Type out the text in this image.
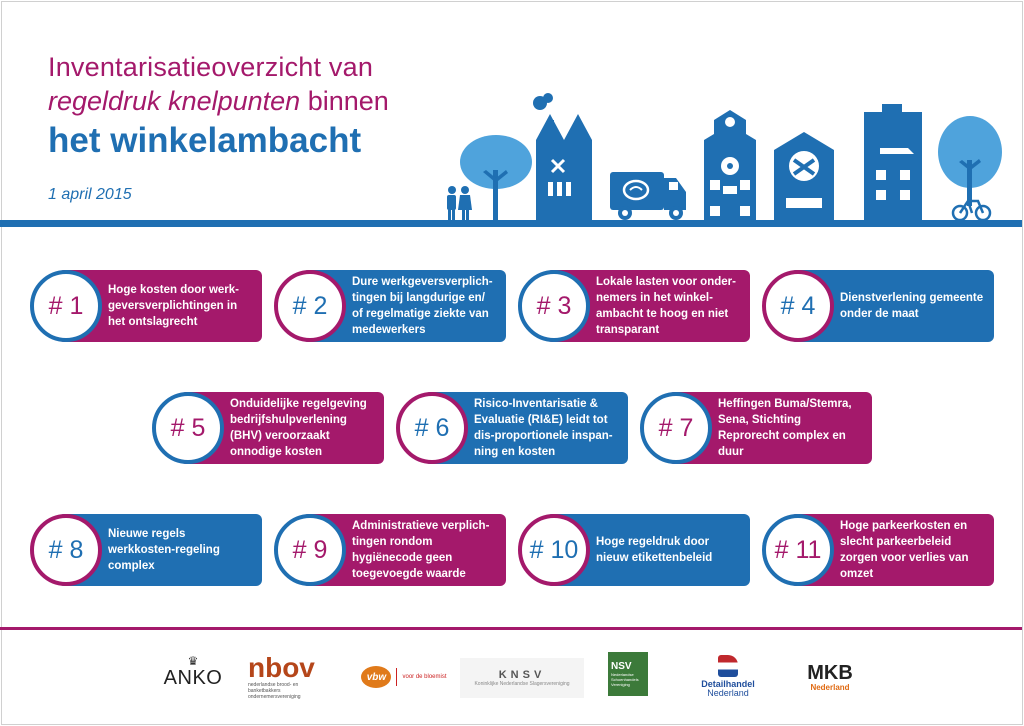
Inventarisatieoverzicht van
regeldruk knelpunten binnen
het winkelambacht
1 april 2015
# 1
Hoge kosten door werk-geversverplichtingen in het ontslagrecht
# 2
Dure werkgeversverplich-tingen bij langdurige en/ of regelmatige ziekte van medewerkers
# 3
Lokale lasten voor onder-nemers in het winkel-ambacht te hoog en niet transparant
# 4 Dienstverlening gemeente onder de maat
# 5
Onduidelijke regelgeving bedrijfshulpverlening (BHV) veroorzaakt onnodige kosten
# 6
Risico-Inventarisatie & Evaluatie (RI&E) leidt tot dis-proportionele inspan-ning en kosten
# 7
Heffingen Buma/Stemra, Sena, Stichting Reprorecht complex en duur
# 8
Nieuwe regels werkkosten-regeling complex
# 9
Administratieve verplich-tingen rondom hygiënecode geen toegevoegde waarde
# 10 Hoge regeldruk door nieuw etikettenbeleid	# 11
Hoge parkeerkosten en slecht parkeerbeleid zorgen voor verlies van omzet
♛
ANKO nbov
nederlandse brood- en banketbakkers ondernemersvereniging
vbw	voor de bloemist	KNSV
Koninklijke Nederlandse Slagersvereniging
NSV
Nederlandse Schoenhandels Vereniging	Detailhandel
Nederland
MKB
Nederland
